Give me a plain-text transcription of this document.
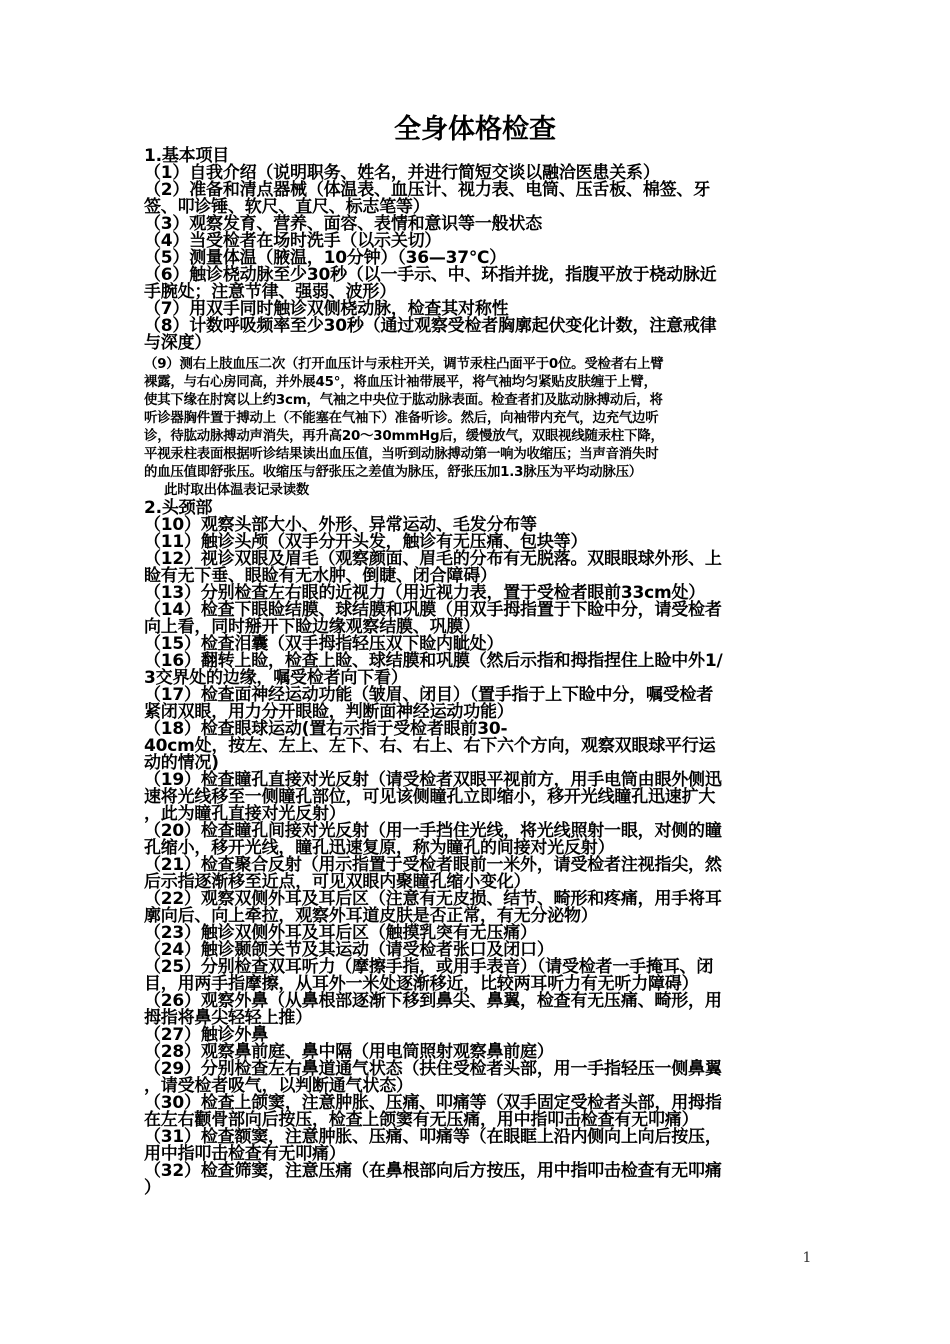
全身体格检查
1.基本项目
（1）自我介绍（说明职务、姓名，并进行简短交谈以融洽医患关系）
（2）准备和清点器械（体温表、血压计、视力表、电筒、压舌板、棉签、牙
签、叩诊锤、软尺、直尺、标志笔等）
（3）观察发育、营养、面容、表情和意识等一般状态
（4）当受检者在场时洗手（以示关切）
（5）测量体温（腋温，10分钟）（36—37℃）
（6）触诊桡动脉至少30秒（以一手示、中、环指并拢，指腹平放于桡动脉近
手腕处；注意节律、强弱、波形）
（7）用双手同时触诊双侧桡动脉，检查其对称性
（8）计数呼吸频率至少30秒（通过观察受检者胸廓起伏变化计数，注意戒律
与深度）
（9）测右上肢血压二次（打开血压计与汞柱开关，调节汞柱凸面平于0位。受检者右上臂
裸露，与右心房同高，并外展45°，将血压计袖带展平，将气袖均匀紧贴皮肤缠于上臂，
使其下缘在肘窝以上约3cm，气袖之中央位于肱动脉表面。检查者扪及肱动脉搏动后，将
听诊器胸件置于搏动上（不能塞在气袖下）准备听诊。然后，向袖带内充气，边充气边听
诊，待肱动脉搏动声消失，再升高20～30mmHg后，缓慢放气，双眼视线随汞柱下降，
平视汞柱表面根据听诊结果读出血压值，当听到动脉搏动第一响为收缩压；当声音消失时
的血压值即舒张压。收缩压与舒张压之差值为脉压，舒张压加1.3脉压为平均动脉压）
此时取出体温表记录读数
2.头颈部
（10）观察头部大小、外形、异常运动、毛发分布等
（11）触诊头颅（双手分开头发，触诊有无压痛、包块等）
（12）视诊双眼及眉毛（观察颜面、眉毛的分布有无脱落。双眼眼球外形、上
睑有无下垂、眼睑有无水肿、倒睫、闭合障碍）
（13）分别检查左右眼的近视力（用近视力表，置于受检者眼前33cm处）
（14）检查下眼睑结膜、球结膜和巩膜（用双手拇指置于下睑中分，请受检者
向上看，同时掰开下睑边缘观察结膜、巩膜）
（15）检查泪囊（双手拇指轻压双下睑内眦处）
（16）翻转上睑，检查上睑、球结膜和巩膜（然后示指和拇指捏住上睑中外1/
3交界处的边缘，嘱受检者向下看）
（17）检查面神经运动功能（皱眉、闭目）（置手指于上下睑中分，嘱受检者
紧闭双眼，用力分开眼睑，判断面神经运动功能）
（18）检查眼球运动(置右示指于受检者眼前30-
40cm处，按左、左上、左下、右、右上、右下六个方向，观察双眼球平行运
动的情况)
（19）检查瞳孔直接对光反射（请受检者双眼平视前方，用手电筒由眼外侧迅
速将光线移至一侧瞳孔部位，可见该侧瞳孔立即缩小，移开光线瞳孔迅速扩大
，此为瞳孔直接对光反射）
（20）检查瞳孔间接对光反射（用一手挡住光线，将光线照射一眼，对侧的瞳
孔缩小，移开光线，瞳孔迅速复原，称为瞳孔的间接对光反射）
（21）检查聚合反射（用示指置于受检者眼前一米外，请受检者注视指尖，然
后示指逐渐移至近点，可见双眼内聚瞳孔缩小变化）
（22）观察双侧外耳及耳后区（注意有无皮损、结节、畸形和疼痛，用手将耳
廓向后、向上牵拉，观察外耳道皮肤是否正常，有无分泌物）
（23）触诊双侧外耳及耳后区（触摸乳突有无压痛）
（24）触诊颞颌关节及其运动（请受检者张口及闭口）
（25）分别检查双耳听力（摩擦手指，或用手表音）（请受检者一手掩耳、闭
目，用两手指摩擦，从耳外一米处逐渐移近，比较两耳听力有无听力障碍）
（26）观察外鼻（从鼻根部逐渐下移到鼻尖、鼻翼，检查有无压痛、畸形，用
拇指将鼻尖轻轻上推）
（27）触诊外鼻
（28）观察鼻前庭、鼻中隔（用电筒照射观察鼻前庭）
（29）分别检查左右鼻道通气状态（扶住受检者头部，用一手指轻压一侧鼻翼
，请受检者吸气，以判断通气状态）
（30）检查上颌窦，注意肿胀、压痛、叩痛等（双手固定受检者头部，用拇指
在左右颧骨部向后按压，检查上颌窦有无压痛，用中指叩击检查有无叩痛）
（31）检查额窦，注意肿胀、压痛、叩痛等（在眼眶上沿内侧向上向后按压，
用中指叩击检查有无叩痛）
（32）检查筛窦，注意压痛（在鼻根部向后方按压，用中指叩击检查有无叩痛
）
1
